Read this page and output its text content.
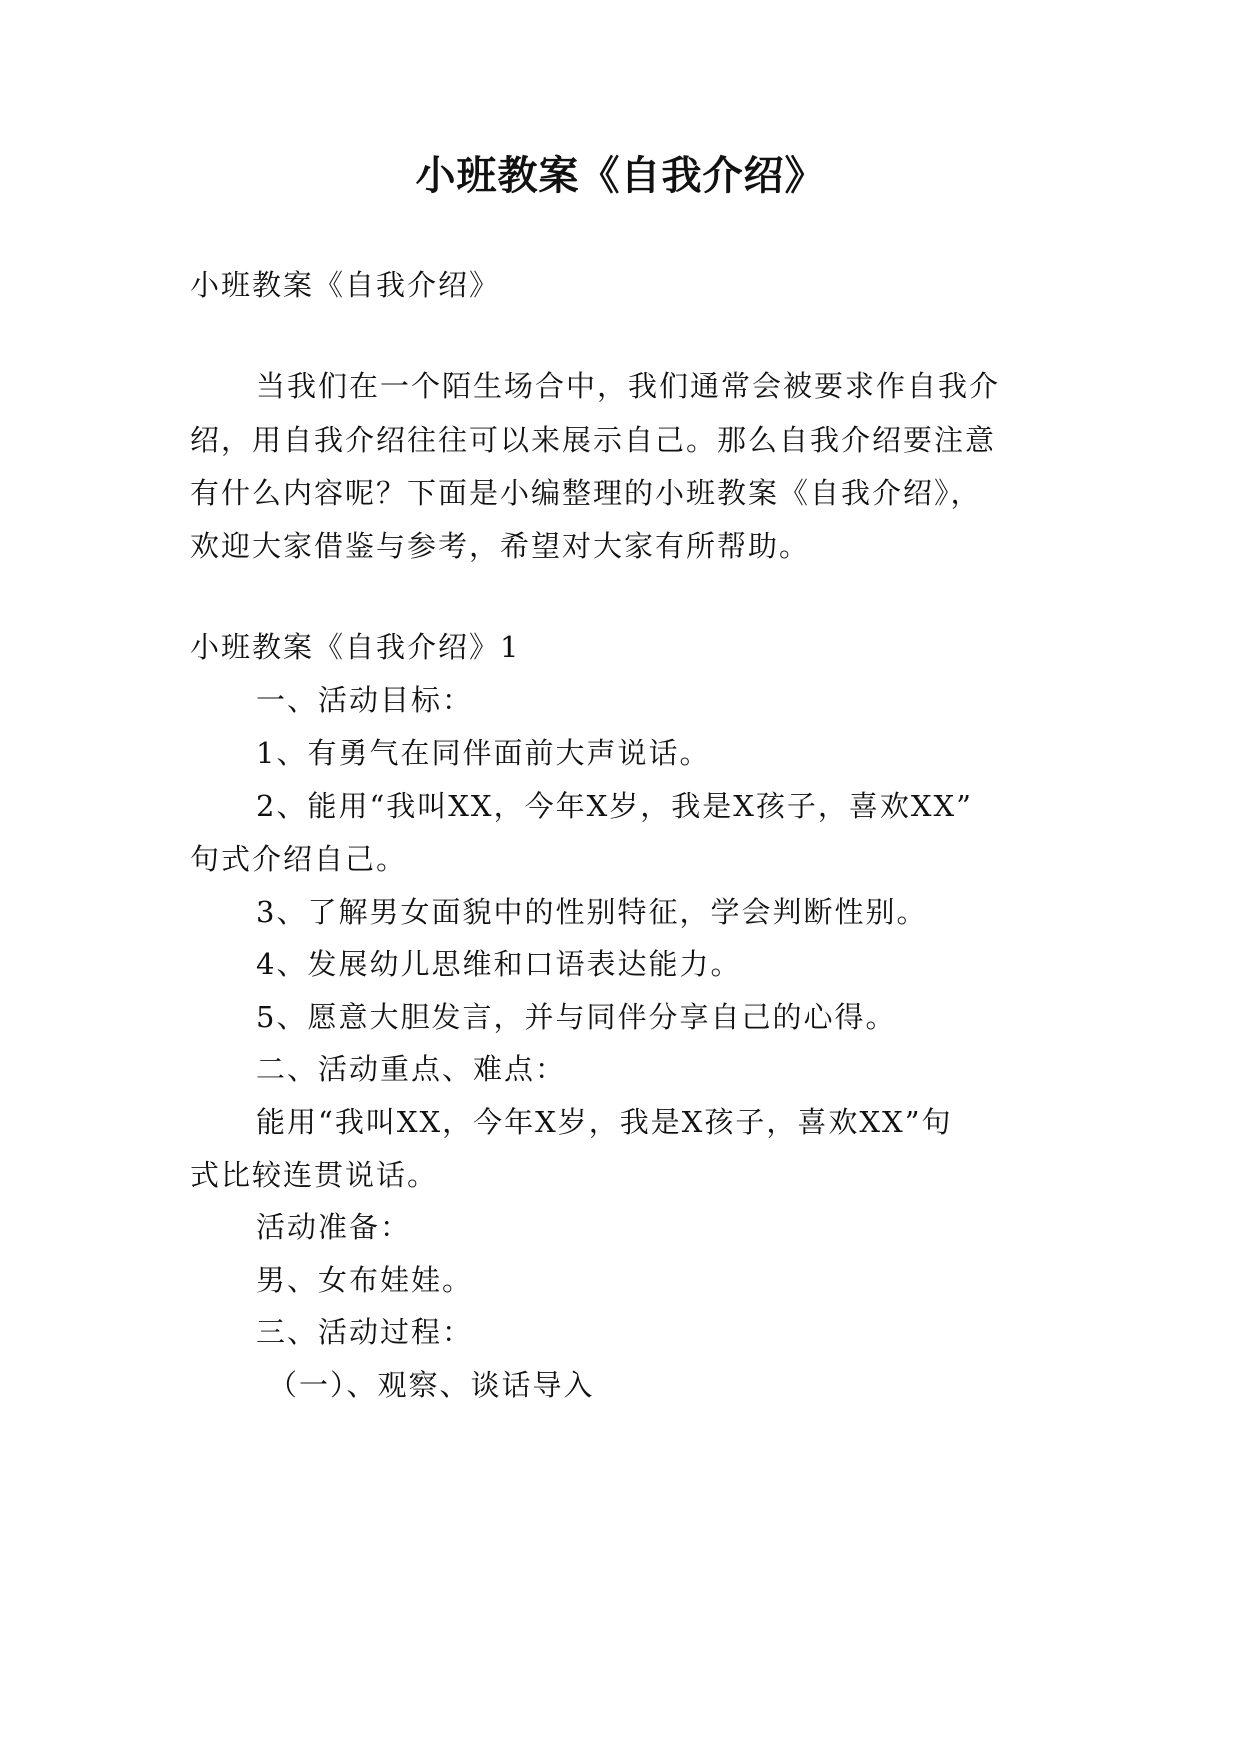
小班教案《自我介绍》
小班教案《自我介绍》
当我们在一个陌生场合中，我们通常会被要求作自我介
绍，用自我介绍往往可以来展示自己。那么自我介绍要注意
有什么内容呢？下面是小编整理的小班教案《自我介绍》，
欢迎大家借鉴与参考，希望对大家有所帮助。
小班教案《自我介绍》1
一、活动目标：
1、有勇气在同伴面前大声说话。
2、能用“我叫XX，今年X岁，我是X孩子，喜欢XX”
句式介绍自己。
3、了解男女面貌中的性别特征，学会判断性别。
4、发展幼儿思维和口语表达能力。
5、愿意大胆发言，并与同伴分享自己的心得。
二、活动重点、难点：
能用“我叫XX，今年X岁，我是X孩子，喜欢XX”句
式比较连贯说话。
活动准备：
男、女布娃娃。
三、活动过程：
（一）、观察、谈话导入
